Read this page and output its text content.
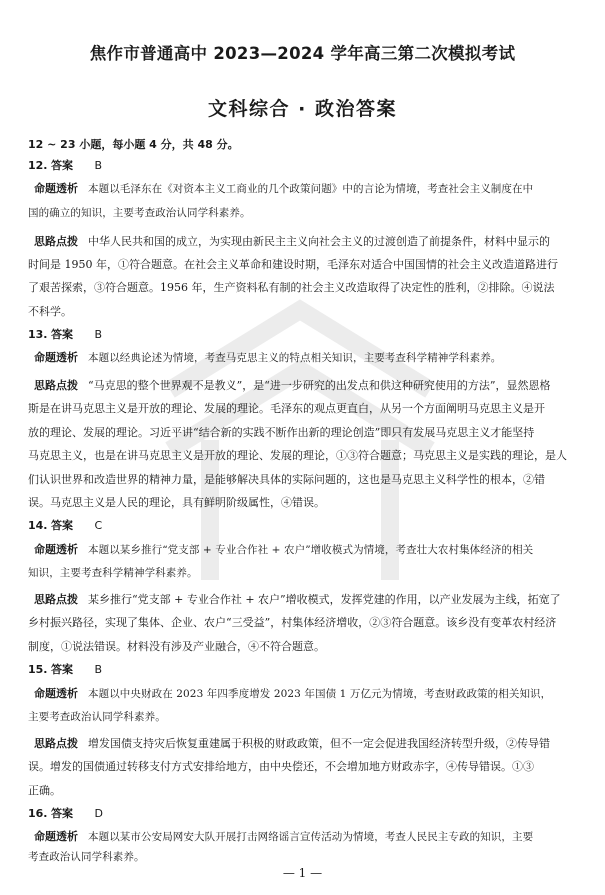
焦作市普通高中 2023—2024 学年高三第二次模拟考试
文科综合 · 政治答案
12 ~ 23 小题，每小题 4 分，共 48 分。
12. 答案 B
命题透析 本题以毛泽东在《对资本主义工商业的几个政策问题》中的言论为情境，考查社会主义制度在中
国的确立的知识，主要考查政治认同学科素养。
思路点拨 中华人民共和国的成立，为实现由新民主主义向社会主义的过渡创造了前提条件，材料中显示的
时间是 1950 年，①符合题意。在社会主义革命和建设时期，毛泽东对适合中国国情的社会主义改造道路进行
了艰苦探索，③符合题意。1956 年，生产资料私有制的社会主义改造取得了决定性的胜利，②排除。④说法
不科学。
13. 答案 B
命题透析 本题以经典论述为情境，考查马克思主义的特点相关知识，主要考查科学精神学科素养。
思路点拨 “马克思的整个世界观不是教义”，是“进一步研究的出发点和供这种研究使用的方法”，显然恩格
斯是在讲马克思主义是开放的理论、发展的理论。毛泽东的观点更直白，从另一个方面阐明马克思主义是开
放的理论、发展的理论。习近平讲“结合新的实践不断作出新的理论创造”即只有发展马克思主义才能坚持
马克思主义，也是在讲马克思主义是开放的理论、发展的理论，①③符合题意；马克思主义是实践的理论，是人
们认识世界和改造世界的精神力量，是能够解决具体的实际问题的，这也是马克思主义科学性的根本，②错
误。马克思主义是人民的理论，具有鲜明阶级属性，④错误。
14. 答案 C
命题透析 本题以某乡推行“党支部 + 专业合作社 + 农户”增收模式为情境，考查壮大农村集体经济的相关
知识，主要考查科学精神学科素养。
思路点拨 某乡推行“党支部 + 专业合作社 + 农户”增收模式，发挥党建的作用，以产业发展为主线，拓宽了
乡村振兴路径，实现了集体、企业、农户“三受益”，村集体经济增收，②③符合题意。该乡没有变革农村经济
制度，①说法错误。材料没有涉及产业融合，④不符合题意。
15. 答案 B
命题透析 本题以中央财政在 2023 年四季度增发 2023 年国债 1 万亿元为情境，考查财政政策的相关知识，
主要考查政治认同学科素养。
思路点拨 增发国债支持灾后恢复重建属于积极的财政政策，但不一定会促进我国经济转型升级，②传导错
误。增发的国债通过转移支付方式安排给地方，由中央偿还，不会增加地方财政赤字，④传导错误。①③
正确。
16. 答案 D
命题透析 本题以某市公安局网安大队开展打击网络谣言宣传活动为情境，考查人民民主专政的知识，主要
考查政治认同学科素养。
— 1 —
